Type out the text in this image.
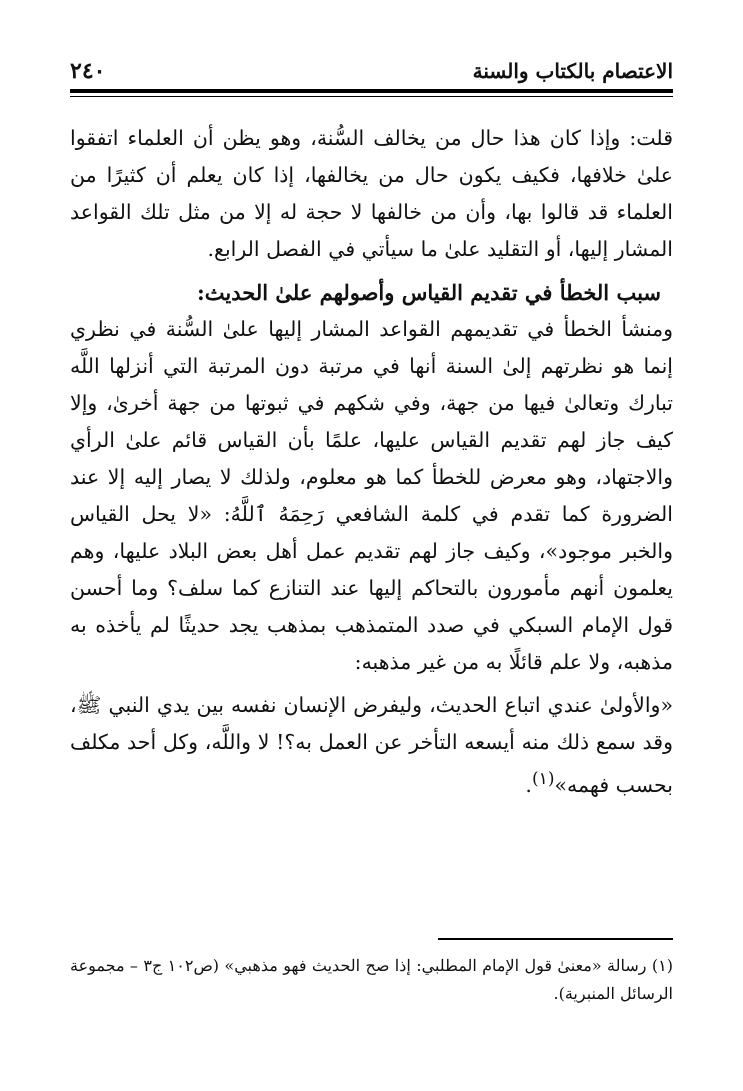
الاعتصام بالكتاب والسنة
٢٤٠

قلت: وإذا كان هذا حال من يخالف السُّنة، وهو يظن أن العلماء اتفقوا علىٰ خلافها، فكيف يكون حال من يخالفها، إذا كان يعلم أن كثيرًا من العلماء قد قالوا بها، وأن من خالفها لا حجة له إلا من مثل تلك القواعد المشار إليها، أو التقليد علىٰ ما سيأتي في الفصل الرابع.

سبب الخطأ في تقديم القياس وأصولهم علىٰ الحديث:

ومنشأ الخطأ في تقديمهم القواعد المشار إليها علىٰ السُّنة في نظري إنما هو نظرتهم إلىٰ السنة أنها في مرتبة دون المرتبة التي أنزلها اللَّه تبارك وتعالىٰ فيها من جهة، وفي شكهم في ثبوتها من جهة أخرىٰ، وإلا كيف جاز لهم تقديم القياس عليها، علمًا بأن القياس قائم علىٰ الرأي والاجتهاد، وهو معرض للخطأ كما هو معلوم، ولذلك لا يصار إليه إلا عند الضرورة كما تقدم في كلمة الشافعي رَحِمَهُ ٱللَّهُ: «لا يحل القياس والخبر موجود»، وكيف جاز لهم تقديم عمل أهل بعض البلاد عليها، وهم يعلمون أنهم مأمورون بالتحاكم إليها عند التنازع كما سلف؟ وما أحسن قول الإمام السبكي في صدد المتمذهب بمذهب يجد حديثًا لم يأخذه به مذهبه، ولا علم قائلًا به من غير مذهبه:

«والأولىٰ عندي اتباع الحديث، وليفرض الإنسان نفسه بين يدي النبي ﷺ، وقد سمع ذلك منه أيسعه التأخر عن العمل به؟! لا واللَّه، وكل أحد مكلف بحسب فهمه»$^{(١)}$.

(١) رسالة «معنىٰ قول الإمام المطلبي: إذا صح الحديث فهو مذهبي» (ص١٠٢ ج٣ – مجموعة الرسائل المنبرية).
